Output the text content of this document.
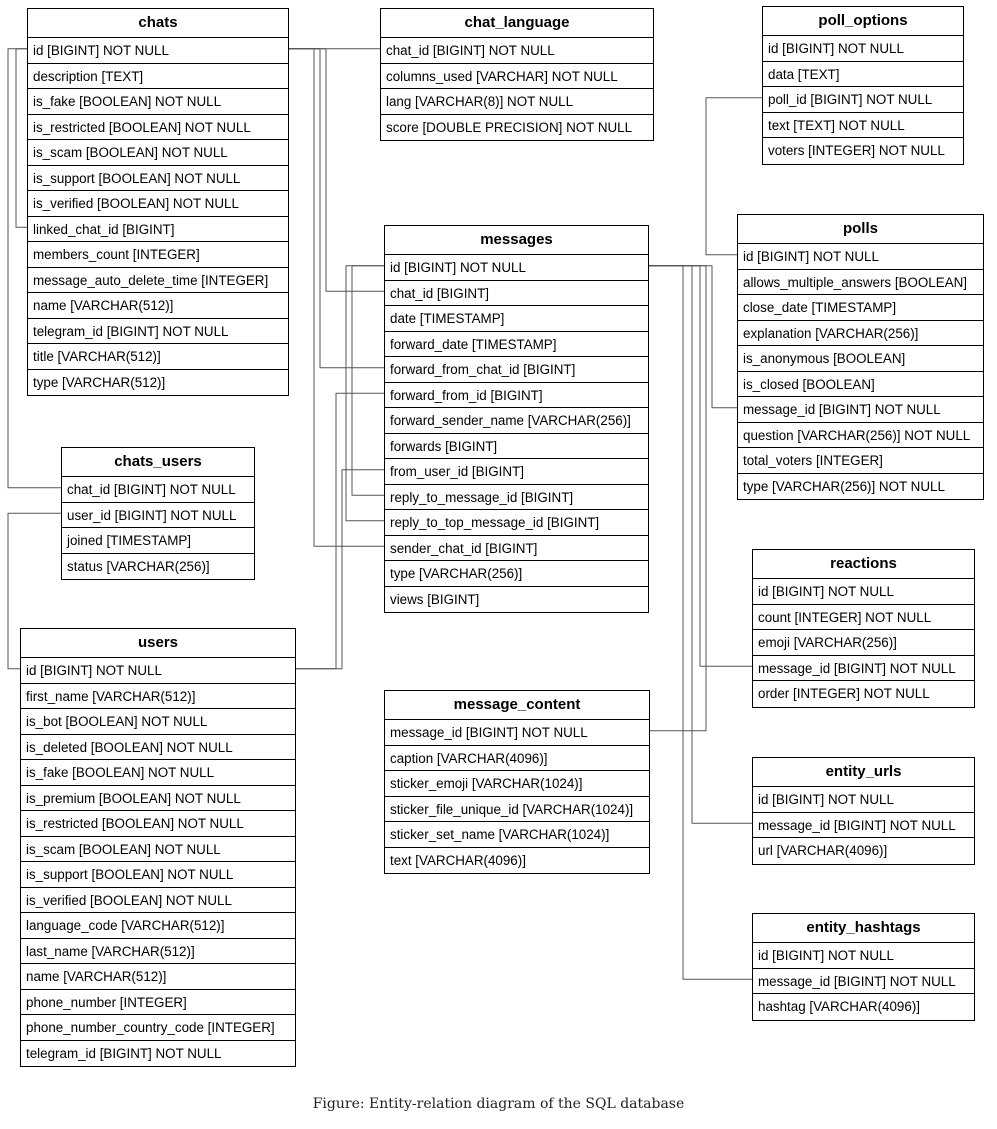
chats
id [BIGINT] NOT NULL
description [TEXT]
is_fake [BOOLEAN] NOT NULL
is_restricted [BOOLEAN] NOT NULL
is_scam [BOOLEAN] NOT NULL
is_support [BOOLEAN] NOT NULL
is_verified [BOOLEAN] NOT NULL
linked_chat_id [BIGINT]
members_count [INTEGER]
message_auto_delete_time [INTEGER]
name [VARCHAR(512)]
telegram_id [BIGINT] NOT NULL
title [VARCHAR(512)]
type [VARCHAR(512)]
chat_language
chat_id [BIGINT] NOT NULL
columns_used [VARCHAR] NOT NULL
lang [VARCHAR(8)] NOT NULL
score [DOUBLE PRECISION] NOT NULL
poll_options
id [BIGINT] NOT NULL
data [TEXT]
poll_id [BIGINT] NOT NULL
text [TEXT] NOT NULL
voters [INTEGER] NOT NULL
polls
id [BIGINT] NOT NULL
allows_multiple_answers [BOOLEAN]
close_date [TIMESTAMP]
explanation [VARCHAR(256)]
is_anonymous [BOOLEAN]
is_closed [BOOLEAN]
message_id [BIGINT] NOT NULL
question [VARCHAR(256)] NOT NULL
total_voters [INTEGER]
type [VARCHAR(256)] NOT NULL
messages
id [BIGINT] NOT NULL
chat_id [BIGINT]
date [TIMESTAMP]
forward_date [TIMESTAMP]
forward_from_chat_id [BIGINT]
forward_from_id [BIGINT]
forward_sender_name [VARCHAR(256)]
forwards [BIGINT]
from_user_id [BIGINT]
reply_to_message_id [BIGINT]
reply_to_top_message_id [BIGINT]
sender_chat_id [BIGINT]
type [VARCHAR(256)]
views [BIGINT]
chats_users
chat_id [BIGINT] NOT NULL
user_id [BIGINT] NOT NULL
joined [TIMESTAMP]
status [VARCHAR(256)]
users
id [BIGINT] NOT NULL
first_name [VARCHAR(512)]
is_bot [BOOLEAN] NOT NULL
is_deleted [BOOLEAN] NOT NULL
is_fake [BOOLEAN] NOT NULL
is_premium [BOOLEAN] NOT NULL
is_restricted [BOOLEAN] NOT NULL
is_scam [BOOLEAN] NOT NULL
is_support [BOOLEAN] NOT NULL
is_verified [BOOLEAN] NOT NULL
language_code [VARCHAR(512)]
last_name [VARCHAR(512)]
name [VARCHAR(512)]
phone_number [INTEGER]
phone_number_country_code [INTEGER]
telegram_id [BIGINT] NOT NULL
reactions
id [BIGINT] NOT NULL
count [INTEGER] NOT NULL
emoji [VARCHAR(256)]
message_id [BIGINT] NOT NULL
order [INTEGER] NOT NULL
message_content
message_id [BIGINT] NOT NULL
caption [VARCHAR(4096)]
sticker_emoji [VARCHAR(1024)]
sticker_file_unique_id [VARCHAR(1024)]
sticker_set_name [VARCHAR(1024)]
text [VARCHAR(4096)]
entity_urls
id [BIGINT] NOT NULL
message_id [BIGINT] NOT NULL
url [VARCHAR(4096)]
entity_hashtags
id [BIGINT] NOT NULL
message_id [BIGINT] NOT NULL
hashtag [VARCHAR(4096)]
Figure: Entity-relation diagram of the SQL database
